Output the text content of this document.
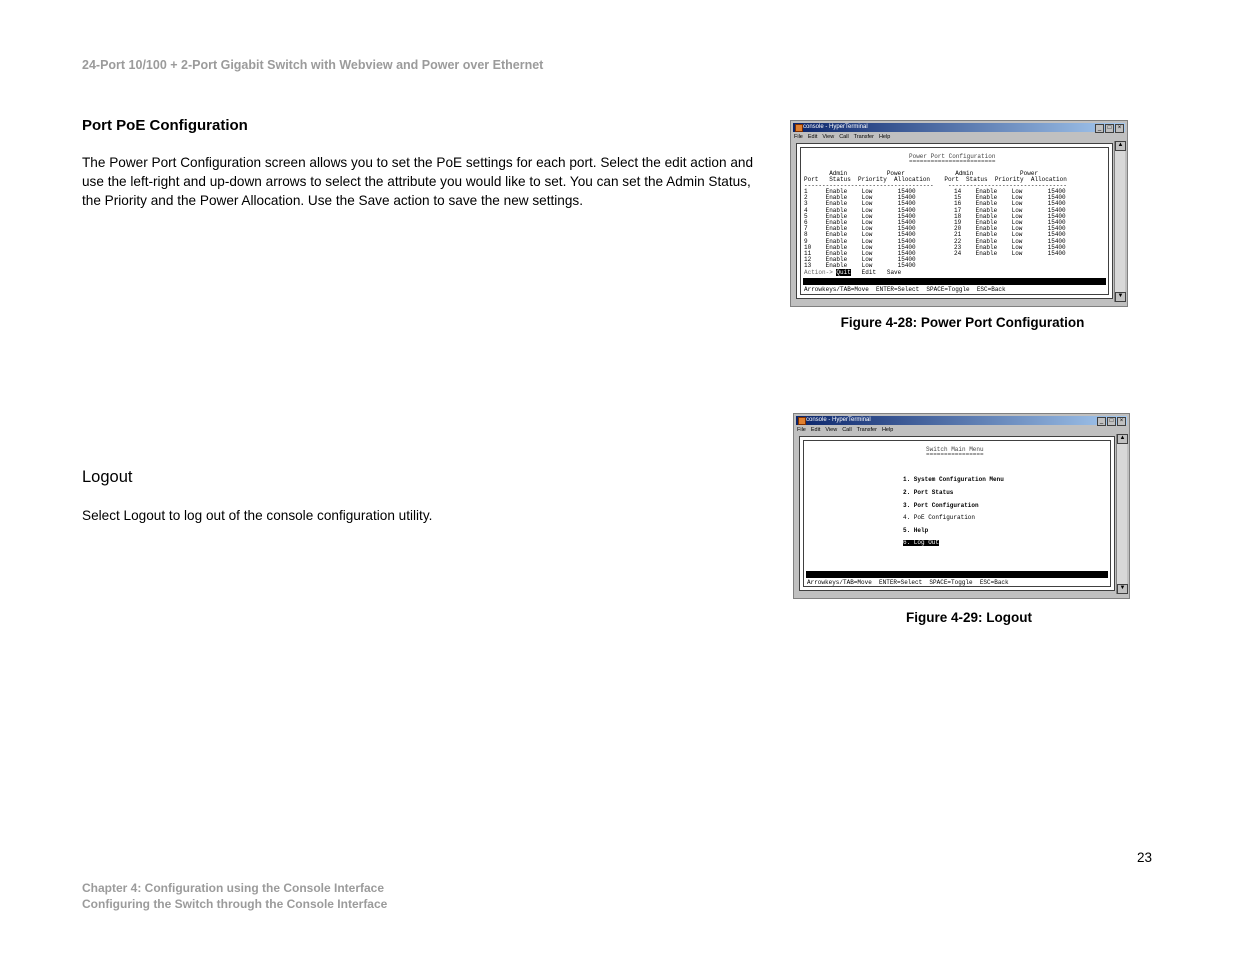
24-Port 10/100 + 2-Port Gigabit Switch with Webview and Power over Ethernet
Port PoE Configuration
The Power Port Configuration screen allows you to set the PoE settings for each port. Select the edit action and use the left-right and up-down arrows to select the attribute you would like to set. You can set the Admin Status, the Priority and the Power Allocation. Use the Save action to save the new settings.
Logout
Select Logout to log out of the console configuration utility.
console - HyperTerminal	_	□	×
File Edit View Call Transfer Help
Power Port Configuration
========================
Admin           Power              Admin             Power
Port   Status  Priority  Allocation    Port  Status  Priority  Allocation
------------------------------------    ---------------------------------
1     Enable    Low       15400
2     Enable    Low       15400
3     Enable    Low       15400
4     Enable    Low       15400
5     Enable    Low       15400
6     Enable    Low       15400
7     Enable    Low       15400
8     Enable    Low       15400
9     Enable    Low       15400
10    Enable    Low       15400
11    Enable    Low       15400
12    Enable    Low       15400
13    Enable    Low       15400
14    Enable    Low       15400
15    Enable    Low       15400
16    Enable    Low       15400
17    Enable    Low       15400
18    Enable    Low       15400
19    Enable    Low       15400
20    Enable    Low       15400
21    Enable    Low       15400
22    Enable    Low       15400
23    Enable    Low       15400
24    Enable    Low       15400
Action-> Quit Edit Save
Arrowkeys/TAB=Move  ENTER=Select  SPACE=Toggle  ESC=Back
▲
▼
Figure 4-28: Power Port Configuration
console - HyperTerminal	_	□	×
File Edit View Call Transfer Help
Switch Main Menu
================
1. System Configuration Menu
2. Port Status
3. Port Configuration
4. PoE Configuration
5. Help
6. Log Out
Arrowkeys/TAB=Move  ENTER=Select  SPACE=Toggle  ESC=Back
▲
▼
Figure 4-29: Logout
23
Chapter 4: Configuration using the Console Interface
Configuring the Switch through the Console Interface
